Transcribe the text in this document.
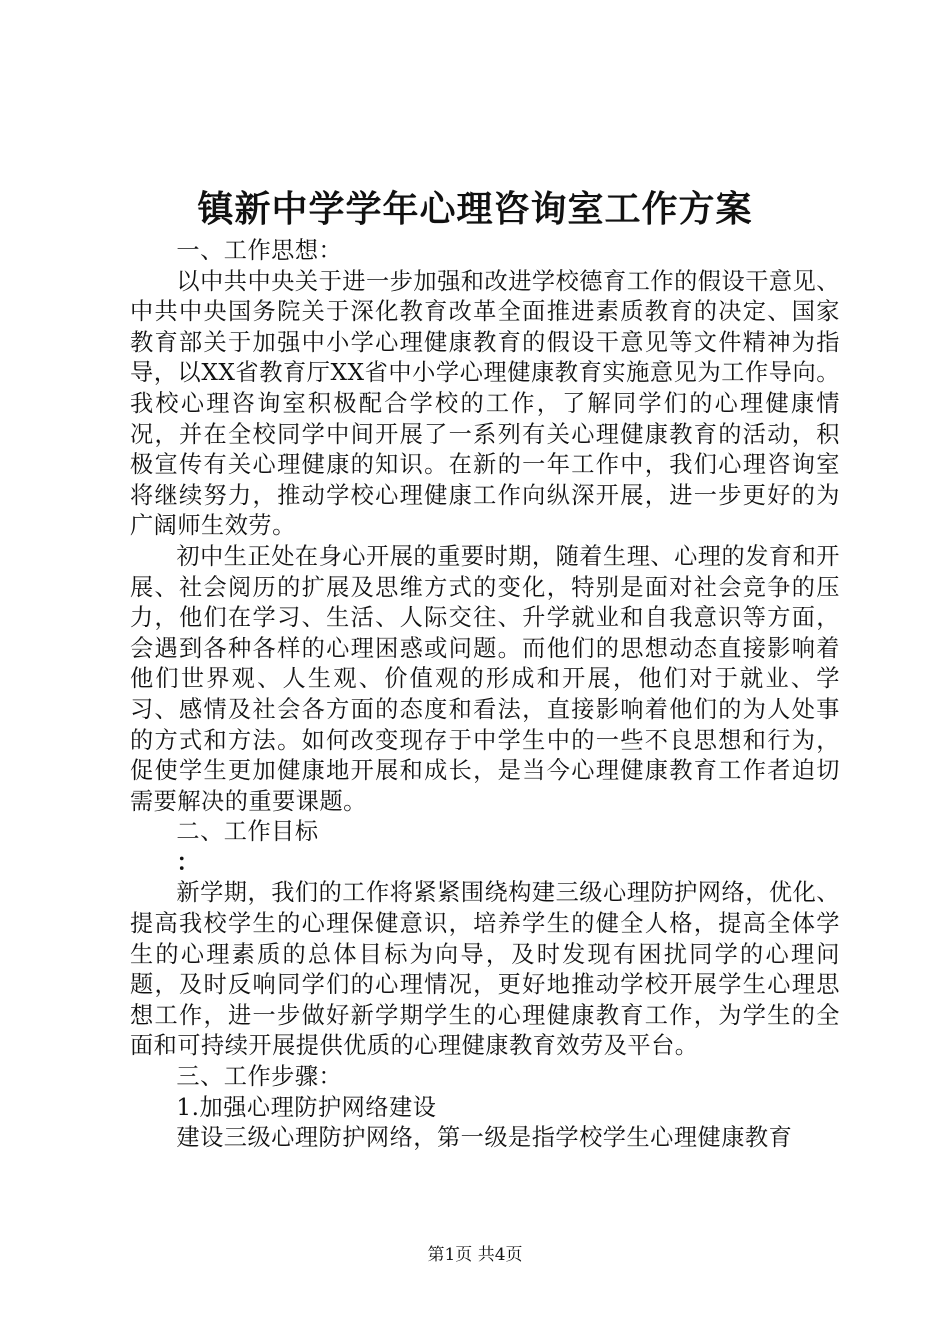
镇新中学学年心理咨询室工作方案

一、工作思想：

以中共中央关于进一步加强和改进学校德育工作的假设干意见、中共中央国务院关于深化教育改革全面推进素质教育的决定、国家教育部关于加强中小学心理健康教育的假设干意见等文件精神为指导，以XX省教育厅XX省中小学心理健康教育实施意见为工作导向。我校心理咨询室积极配合学校的工作，了解同学们的心理健康情况，并在全校同学中间开展了一系列有关心理健康教育的活动，积极宣传有关心理健康的知识。在新的一年工作中，我们心理咨询室将继续努力，推动学校心理健康工作向纵深开展，进一步更好的为广阔师生效劳。

初中生正处在身心开展的重要时期，随着生理、心理的发育和开展、社会阅历的扩展及思维方式的变化，特别是面对社会竞争的压力，他们在学习、生活、人际交往、升学就业和自我意识等方面，会遇到各种各样的心理困惑或问题。而他们的思想动态直接影响着他们世界观、人生观、价值观的形成和开展，他们对于就业、学习、感情及社会各方面的态度和看法，直接影响着他们的为人处事的方式和方法。如何改变现存于中学生中的一些不良思想和行为，促使学生更加健康地开展和成长，是当今心理健康教育工作者迫切需要解决的重要课题。

二、工作目标

：

新学期，我们的工作将紧紧围绕构建三级心理防护网络，优化、提高我校学生的心理保健意识，培养学生的健全人格，提高全体学生的心理素质的总体目标为向导，及时发现有困扰同学的心理问题，及时反响同学们的心理情况，更好地推动学校开展学生心理思想工作，进一步做好新学期学生的心理健康教育工作，为学生的全面和可持续开展提供优质的心理健康教育效劳及平台。

三、工作步骤：

1.加强心理防护网络建设

建设三级心理防护网络，第一级是指学校学生心理健康教育

第1页 共4页
